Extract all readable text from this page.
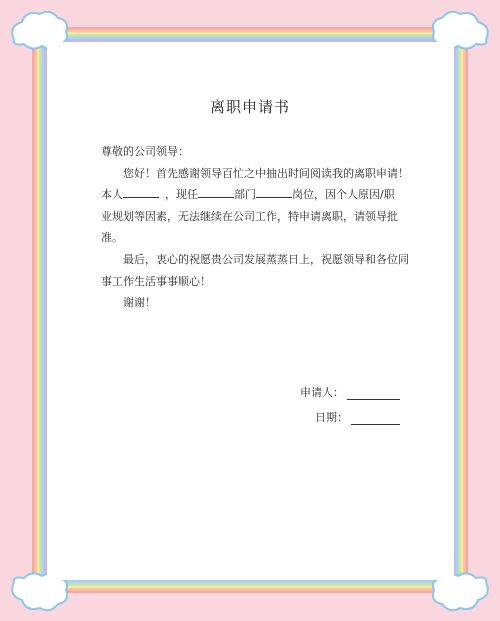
离职申请书

尊敬的公司领导：

您好！首先感谢领导百忙之中抽出时间阅读我的离职申请！

本人	，现任	部门	岗位，因个人原因/职

业规划等因素，无法继续在公司工作，特申请离职，请领导批准。

最后，衷心的祝愿贵公司发展蒸蒸日上，祝愿领导和各位同

事工作生活事事顺心！

谢谢！

申请人：
日期：
